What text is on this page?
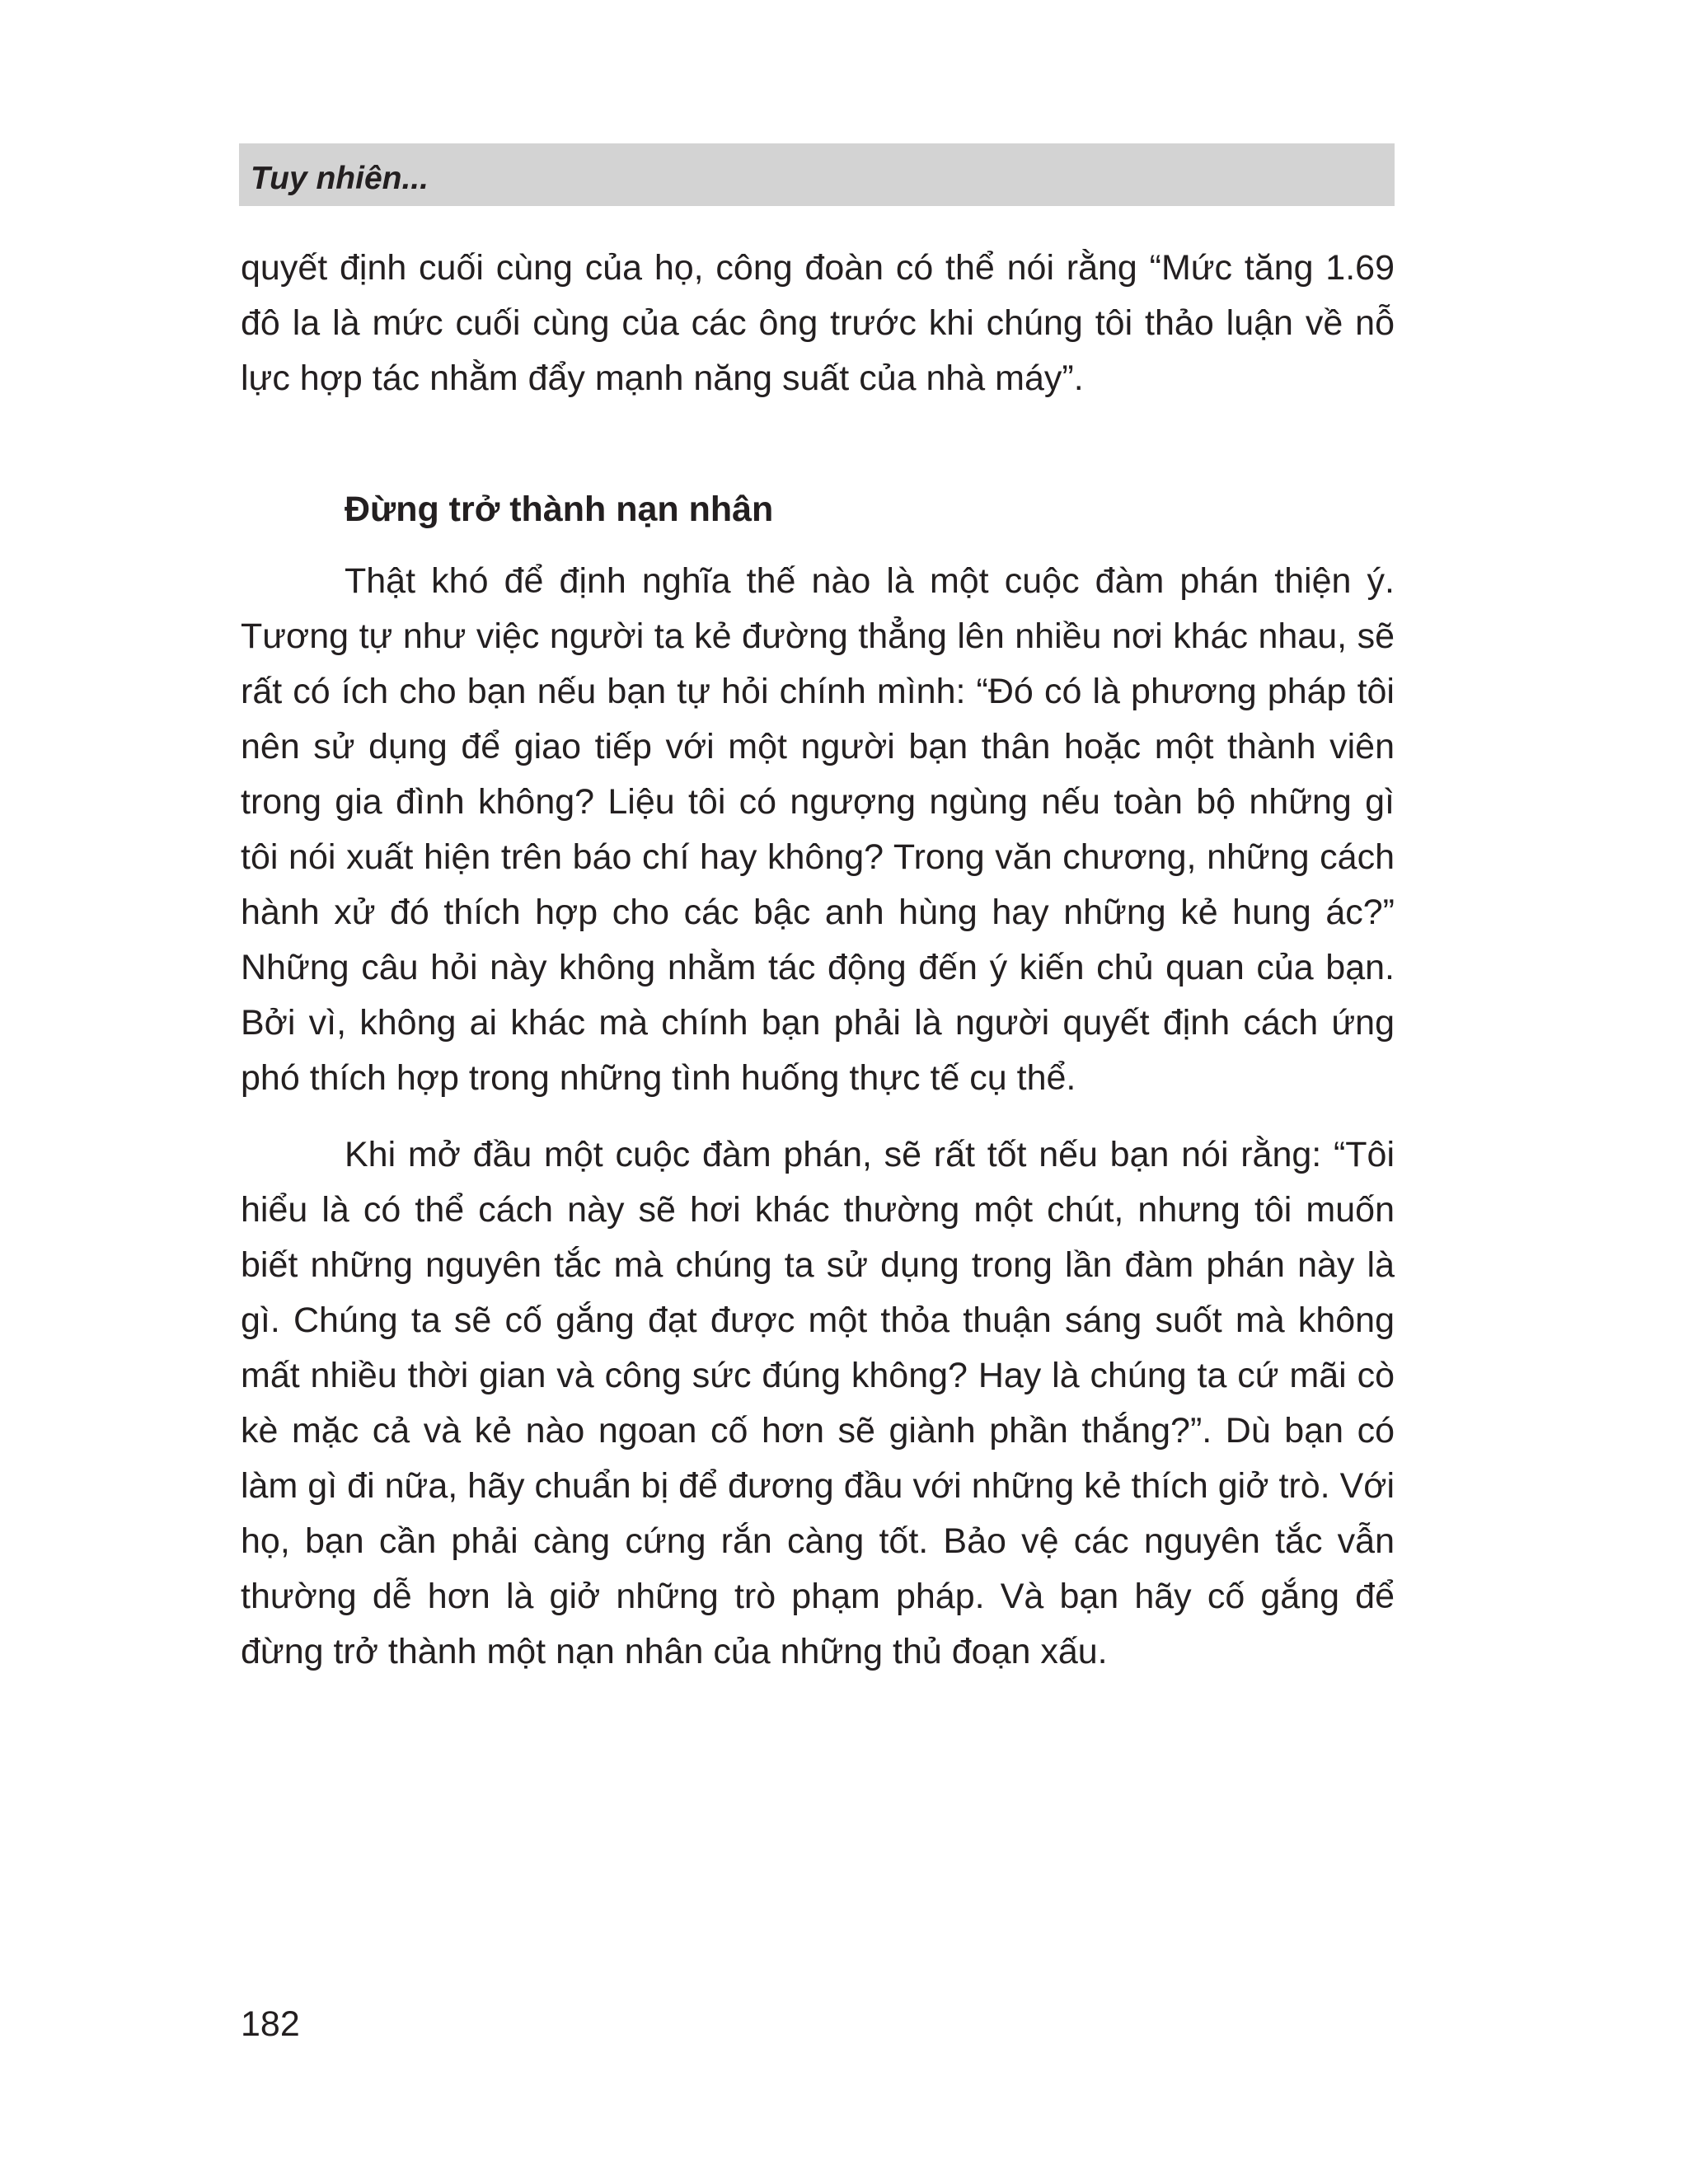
Tuy nhiên...

quyết định cuối cùng của họ, công đoàn có thể nói rằng “Mức tăng 1.69 đô la là mức cuối cùng của các ông trước khi chúng tôi thảo luận về nỗ lực hợp tác nhằm đẩy mạnh năng suất của nhà máy”.

Đừng trở thành nạn nhân

Thật khó để định nghĩa thế nào là một cuộc đàm phán thiện ý. Tương tự như việc người ta kẻ đường thẳng lên nhiều nơi khác nhau, sẽ rất có ích cho bạn nếu bạn tự hỏi chính mình: “Đó có là phương pháp tôi nên sử dụng để giao tiếp với một người bạn thân hoặc một thành viên trong gia đình không? Liệu tôi có ngượng ngùng nếu toàn bộ những gì tôi nói xuất hiện trên báo chí hay không? Trong văn chương, những cách hành xử đó thích hợp cho các bậc anh hùng hay những kẻ hung ác?” Những câu hỏi này không nhằm tác động đến ý kiến chủ quan của bạn. Bởi vì, không ai khác mà chính bạn phải là người quyết định cách ứng phó thích hợp trong những tình huống thực tế cụ thể.

Khi mở đầu một cuộc đàm phán, sẽ rất tốt nếu bạn nói rằng: “Tôi hiểu là có thể cách này sẽ hơi khác thường một chút, nhưng tôi muốn biết những nguyên tắc mà chúng ta sử dụng trong lần đàm phán này là gì. Chúng ta sẽ cố gắng đạt được một thỏa thuận sáng suốt mà không mất nhiều thời gian và công sức đúng không? Hay là chúng ta cứ mãi cò kè mặc cả và kẻ nào ngoan cố hơn sẽ giành phần thắng?”. Dù bạn có làm gì đi nữa, hãy chuẩn bị để đương đầu với những kẻ thích giở trò. Với họ, bạn cần phải càng cứng rắn càng tốt. Bảo vệ các nguyên tắc vẫn thường dễ hơn là giở những trò phạm pháp. Và bạn hãy cố gắng để đừng trở thành một nạn nhân của những thủ đoạn xấu.

182
